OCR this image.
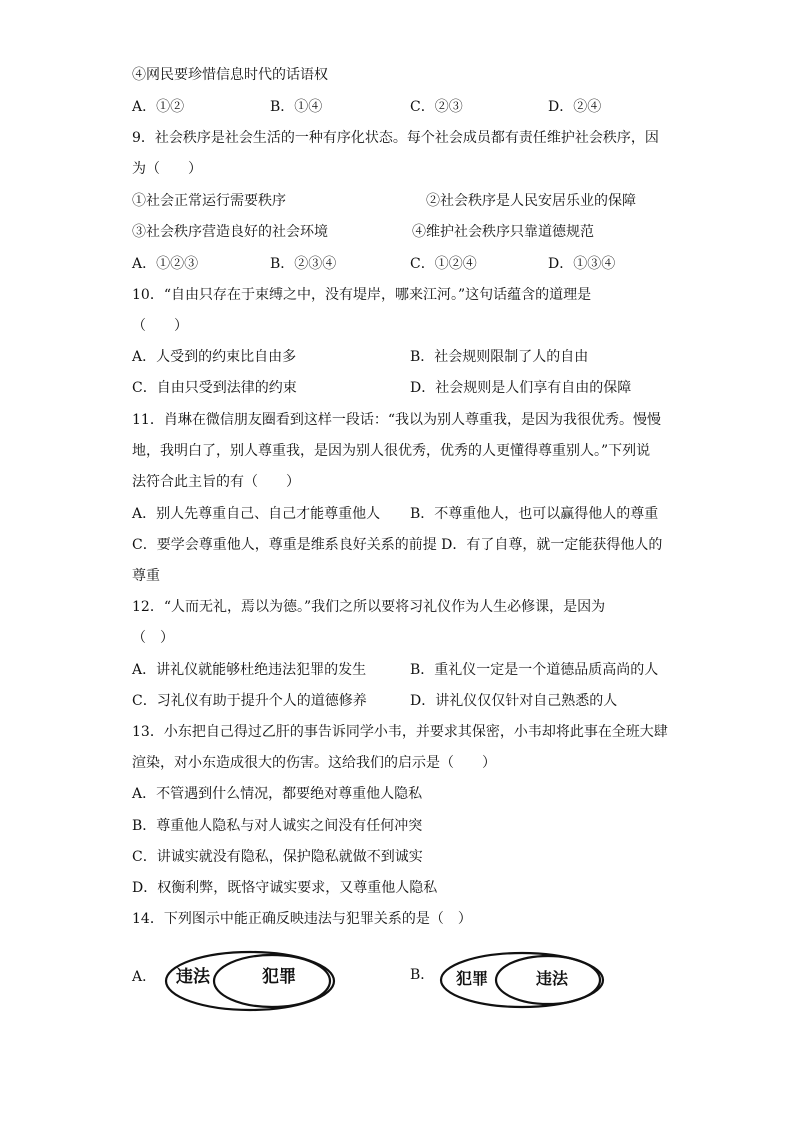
④网民要珍惜信息时代的话语权
A．①②	B．①④	C．②③	D．②④
9．社会秩序是社会生活的一种有序化状态。每个社会成员都有责任维护社会秩序，因
为（　　）
①社会正常运行需要秩序	②社会秩序是人民安居乐业的保障
③社会秩序营造良好的社会环境	④维护社会秩序只靠道德规范
A．①②③	B．②③④	C．①②④	D．①③④
10．“自由只存在于束缚之中，没有堤岸，哪来江河。”这句话蕴含的道理是
（　　）
A．人受到的约束比自由多	B．社会规则限制了人的自由
C．自由只受到法律的约束	D．社会规则是人们享有自由的保障
11．肖琳在微信朋友圈看到这样一段话：“我以为别人尊重我，是因为我很优秀。慢慢
地，我明白了，别人尊重我，是因为别人很优秀，优秀的人更懂得尊重别人。”下列说
法符合此主旨的有（　　）
A．别人先尊重自己、自己才能尊重他人 B．不尊重他人，也可以赢得他人的尊重
C．要学会尊重他人，尊重是维系良好关系的前提 D．有了自尊，就一定能获得他人的
尊重
12．“人而无礼，焉以为德。”我们之所以要将习礼仪作为人生必修课，是因为
（　）
A．讲礼仪就能够杜绝违法犯罪的发生	B．重礼仪一定是一个道德品质高尚的人
C．习礼仪有助于提升个人的道德修养	D．讲礼仪仅仅针对自己熟悉的人
13．小东把自己得过乙肝的事告诉同学小韦，并要求其保密，小韦却将此事在全班大肆
渲染，对小东造成很大的伤害。这给我们的启示是（　　）
A．不管遇到什么情况，都要绝对尊重他人隐私
B．尊重他人隐私与对人诚实之间没有任何冲突
C．讲诚实就没有隐私，保护隐私就做不到诚实
D．权衡利弊，既恪守诚实要求，又尊重他人隐私
14．下列图示中能正确反映违法与犯罪关系的是（　）
A． 违法	犯罪	B． 犯罪	违法
